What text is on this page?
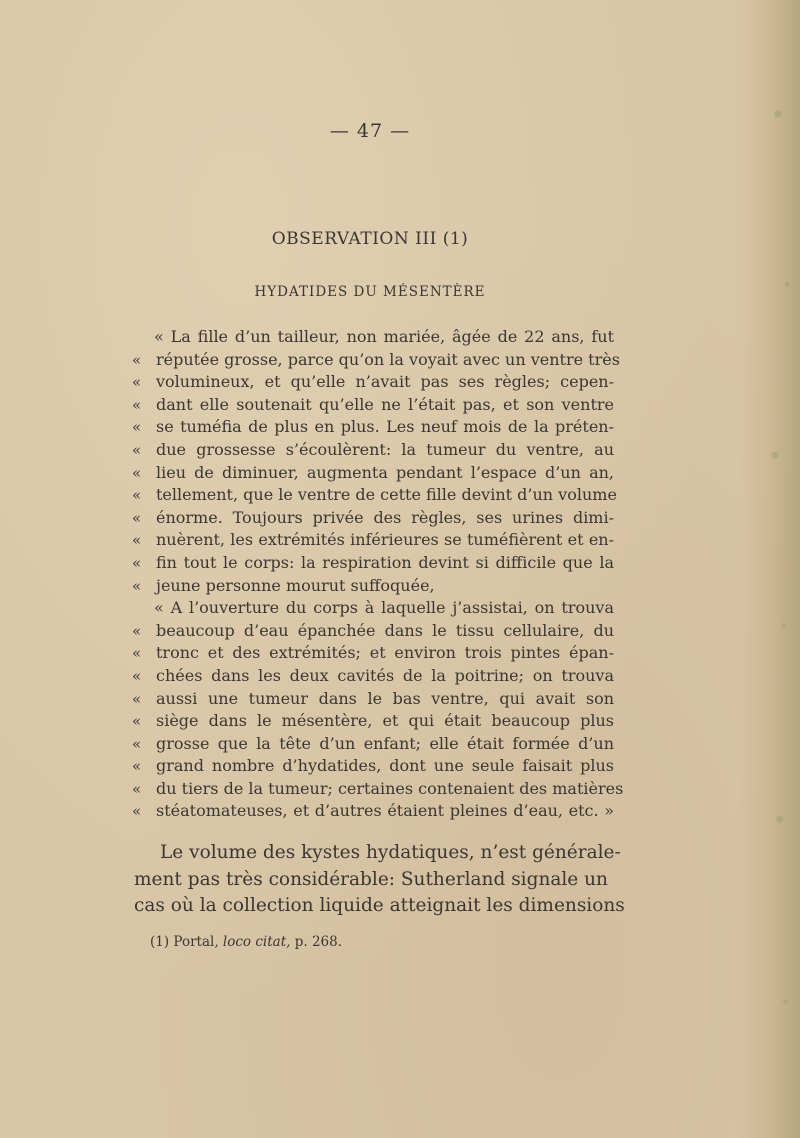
— 47 —
OBSERVATION III (1)
HYDATIDES DU MÉSENTÈRE
« La fille d’un tailleur, non mariée, âgée de 22 ans, fut
« réputée grosse, parce qu’on la voyait avec un ventre très
« volumineux, et qu’elle n’avait pas ses règles; cepen-
« dant elle soutenait qu’elle ne l’était pas, et son ventre
« se tuméfia de plus en plus. Les neuf mois de la préten-
« due grossesse s’écoulèrent: la tumeur du ventre, au
« lieu de diminuer, augmenta pendant l’espace d’un an,
« tellement, que le ventre de cette fille devint d’un volume
« énorme. Toujours privée des règles, ses urines dimi-
« nuèrent, les extrémités inférieures se tuméfièrent et en-
« fin tout le corps: la respiration devint si difficile que la
« jeune personne mourut suffoquée,
« A l’ouverture du corps à laquelle j’assistai, on trouva
« beaucoup d’eau épanchée dans le tissu cellulaire, du
« tronc et des extrémités; et environ trois pintes épan-
« chées dans les deux cavités de la poitrine; on trouva
« aussi une tumeur dans le bas ventre, qui avait son
« siège dans le mésentère, et qui était beaucoup plus
« grosse que la tête d’un enfant; elle était formée d’un
« grand nombre d’hydatides, dont une seule faisait plus
« du tiers de la tumeur; certaines contenaient des matières
« stéatomateuses, et d’autres étaient pleines d’eau, etc. »
Le volume des kystes hydatiques, n’est générale-
ment pas très considérable: Sutherland signale un
cas où la collection liquide atteignait les dimensions
(1) Portal, loco citat, p. 268.
